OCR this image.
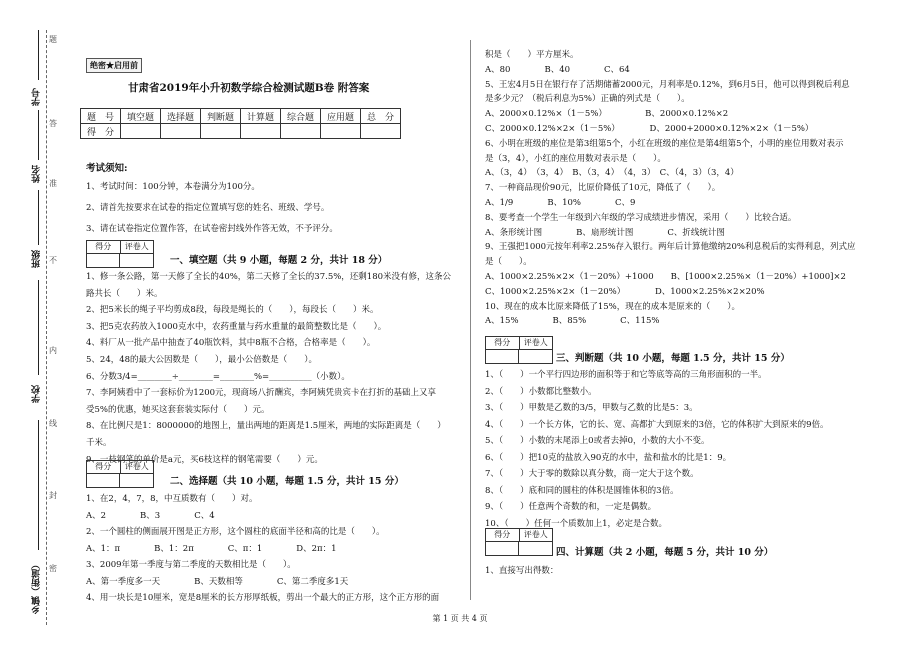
学号
姓名
班级
学校
乡镇（街道）
题
答
准
不
内
线
封
密
绝密★启用前
甘肃省2019年小升初数学综合检测试题B卷 附答案
题　号	填空题	选择题	判断题	计算题	综合题	应用题	总　分
得　分							
考试须知:
1、考试时间：100分钟，本卷满分为100分。
2、请首先按要求在试卷的指定位置填写您的姓名、班级、学号。
3、请在试卷指定位置作答，在试卷密封线外作答无效，不予评分。
得分	评卷人
一、填空题（共 9 小题，每题 2 分，共计 18 分）
1、修一条公路，第一天修了全长的40%，第二天修了全长的37.5%，还剩180米没有修，这条公
路共长（　　）米。
2、把5米长的绳子平均剪成8段，每段是绳长的（　　），每段长（　　）米。
3、把5克农药放入1000克水中，农药重量与药水重量的最简整数比是（　　）。
4、料厂从一批产品中抽查了40瓶饮料，其中8瓶不合格，合格率是（　　）。
5、24，48的最大公因数是（　　），最小公倍数是（　　）。
6、分数3/4=________÷________=________%=__________（小数）。
7、李阿姨看中了一套标价为1200元，现商场八折酬宾，李阿姨凭贵宾卡在打折的基础上又享
受5%的优惠，她买这套套装实际付（　　）元。
8、在比例尺是1：8000000的地图上，量出两地的距离是1.5厘米，两地的实际距离是（　　）
千米。
9、一枝钢笔的单价是a元，买6枝这样的钢笔需要（　　）元。
得分	评卷人
二、选择题（共 10 小题，每题 1.5 分，共计 15 分）
1、在2，4，7，8，中互质数有（　　）对。
A、2　　　　B、3　　　　C、4
2、一个圆柱的侧面展开图是正方形，这个圆柱的底面半径和高的比是（　　）。
A、1：π　　　　B、1：2π　　　　C、π：1　　　　D、2π：1
3、2009年第一季度与第二季度的天数相比是（　　）。
A、第一季度多一天　　　　B、天数相等　　　　C、第二季度多1天
4、用一块长是10厘米，宽是8厘米的长方形厚纸板，剪出一个最大的正方形，这个正方形的面
积是（　　）平方厘米。
A、80　　　　B、40　　　　C、64
5、王宏4月5日在银行存了活期储蓄2000元，月利率是0.12%，到6月5日，他可以得到税后利息
是多少元？（税后利息为5%）正确的列式是（　　）。
A、2000×0.12%×（1－5%）　　　　　B、2000×0.12%×2
C、2000×0.12%×2×（1－5%）　　　　D、2000+2000×0.12%×2×（1－5%）
6、小明在班级的座位是第3组第5个，小红在班级的座位是第4组第5个，小明的座位用数对表示
是（3，4），小红的座位用数对表示是（　　）。
A、（3，4）　（3，4）　B、（3，4）　（4，3）　C、（4，3）（3，4）
7、一种商品现价90元，比原价降低了10元，降低了（　　）。
A、1/9　　　　B、10%　　　　C、9
8、要考查一个学生一年级到六年级的学习成绩进步情况，采用（　　）比较合适。
A、条形统计图　　　　B、扇形统计图　　　　C、折线统计图
9、王强把1000元按年利率2.25%存入银行。两年后计算他缴纳20%利息税后的实得利息，列式应
是（　　）。
A、1000×2.25%×2×（1－20%）+1000　　B、[1000×2.25%×（1－20%）+1000]×2
C、1000×2.25%×2×（1－20%）　　　　D、1000×2.25%×2×20%
10、现在的成本比原来降低了15%，现在的成本是原来的（　　）。
A、15%　　　　B、85%　　　　C、115%
得分	评卷人
三、判断题（共 10 小题，每题 1.5 分，共计 15 分）
1、（　　）一个平行四边形的面积等于和它等底等高的三角形面积的一半。
2、（　　）小数都比整数小。
3、（　　）甲数是乙数的3/5，甲数与乙数的比是5：3。
4、（　　）一个长方体，它的长、宽、高都扩大到原来的3倍，它的体积扩大到原来的9倍。
5、（　　）小数的末尾添上0或者去掉0，小数的大小不变。
6、（　　）把10克的盐放入90克的水中，盐和盐水的比是1：9。
7、（　　）大于零的数除以真分数，商一定大于这个数。
8、（　　）底和同的圆柱的体积是圆锥体积的3倍。
9、（　　）任意两个奇数的和，一定是偶数。
10、（　　）任何一个质数加上1，必定是合数。
得分	评卷人
四、计算题（共 2 小题，每题 5 分，共计 10 分）
1、直接写出得数：
第 1 页 共 4 页
